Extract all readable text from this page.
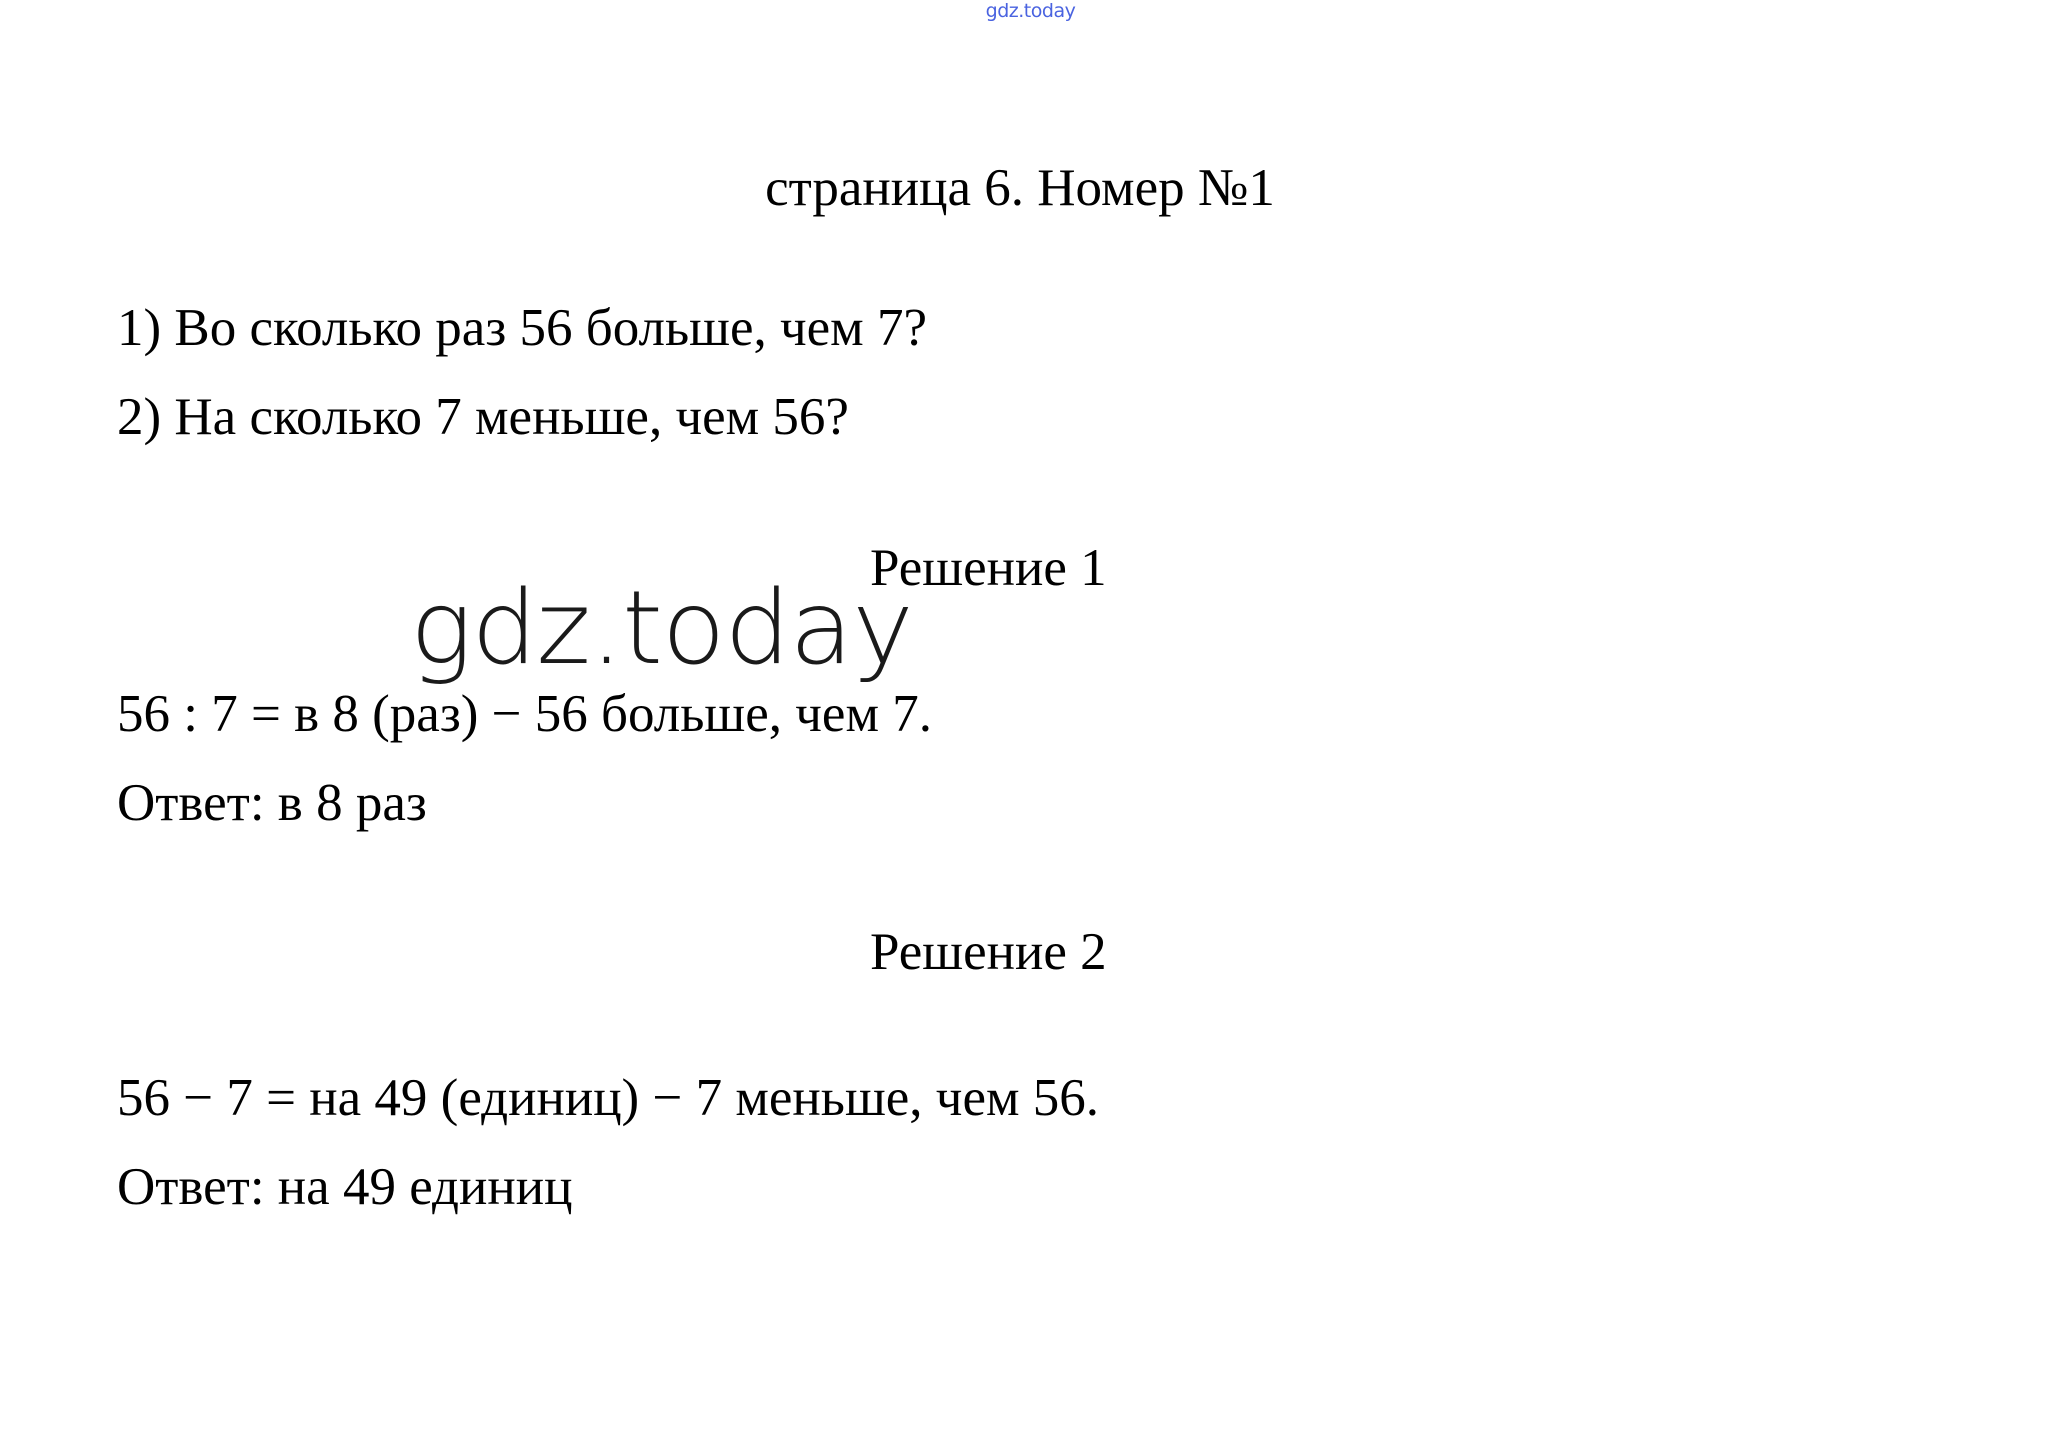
gdz.today
страница 6. Номер №1
1) Во сколько раз 56 больше, чем 7?
2) На сколько 7 меньше, чем 56?
Решение 1
gdz.today
56 : 7 = в 8 (раз) − 56 больше, чем 7.
Ответ: в 8 раз
Решение 2
56 − 7 = на 49 (единиц) − 7 меньше, чем 56.
Ответ: на 49 единиц
